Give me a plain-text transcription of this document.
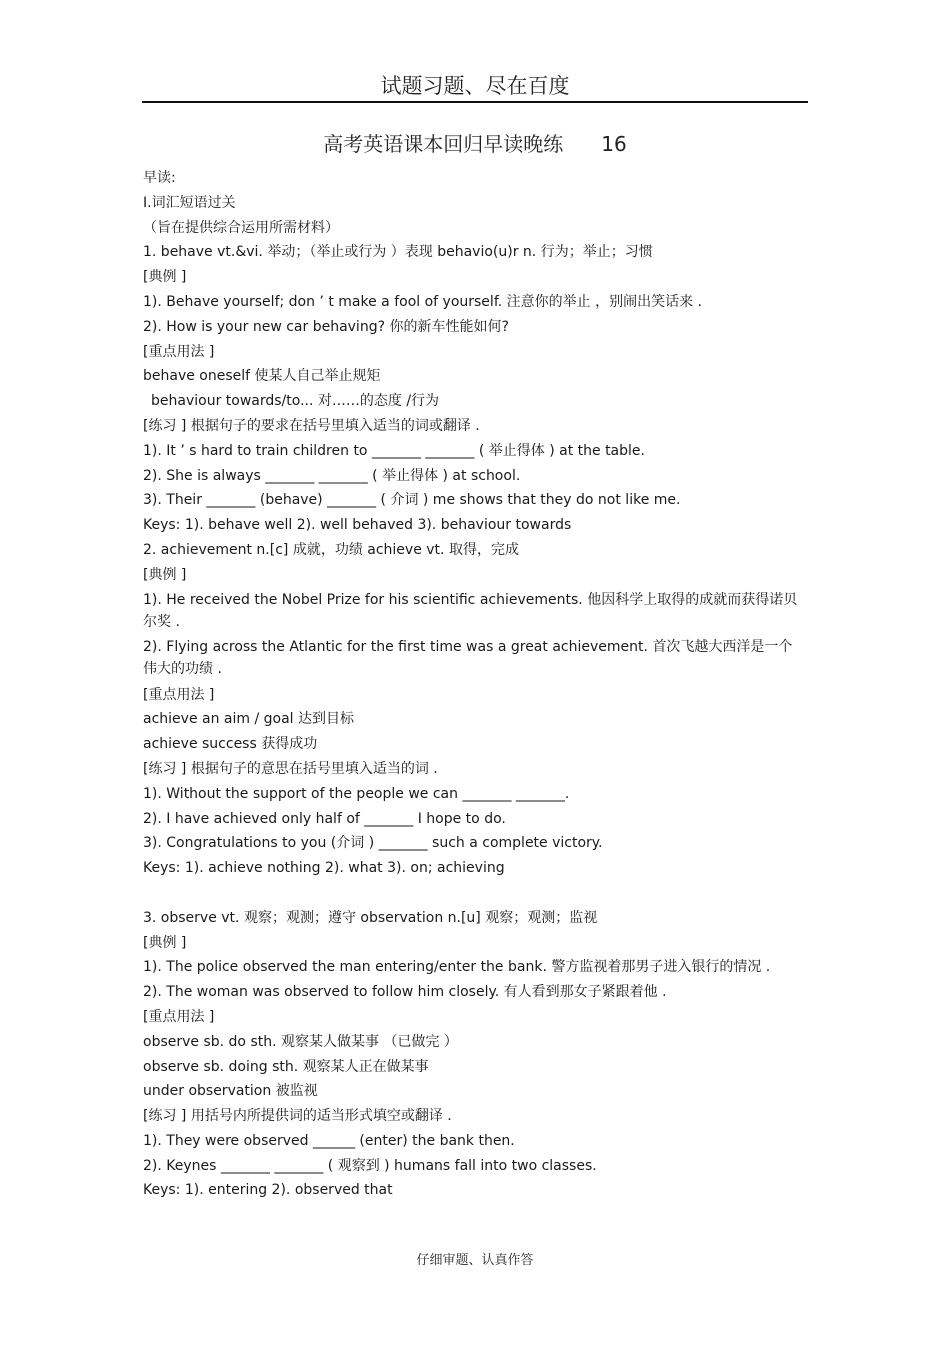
试题习题、尽在百度
高考英语课本回归早读晚练 16
早读:
Ⅰ.词汇短语过关
（旨在提供综合运用所需材料）
1. behave vt.&vi. 举动；（举止或行为 ）表现 behavio(u)r n. 行为；举止；习惯
[典例 ]
1). Behave yourself; don ’ t make a fool of yourself. 注意你的举止 ，别闹出笑话来 .
2). How is your new car behaving? 你的新车性能如何?
[重点用法 ]
behave oneself 使某人自己举止规矩
behaviour towards/to... 对……的态度 /行为
[练习 ] 根据句子的要求在括号里填入适当的词或翻译 .
1). It ’ s hard to train children to _______ _______ ( 举止得体 ) at the table.
2). She is always _______ _______ ( 举止得体 ) at school.
3). Their _______ (behave) _______ ( 介词 ) me shows that they do not like me.
Keys: 1). behave well 2). well behaved 3). behaviour towards
2. achievement n.[c] 成就，功绩 achieve vt. 取得，完成
[典例 ]
1). He received the Nobel Prize for his scientific achievements. 他因科学上取得的成就而获得诺贝尔奖 .
2). Flying across the Atlantic for the first time was a great achievement. 首次飞越大西洋是一个伟大的功绩 .
[重点用法 ]
achieve an aim / goal 达到目标
achieve success 获得成功
[练习 ] 根据句子的意思在括号里填入适当的词 .
1). Without the support of the people we can _______ _______.
2). I have achieved only half of _______ I hope to do.
3). Congratulations to you (介词 ) _______ such a complete victory.
Keys: 1). achieve nothing 2). what 3). on; achieving
3. observe vt. 观察；观测；遵守 observation n.[u] 观察；观测；监视
[典例 ]
1). The police observed the man entering/enter the bank. 警方监视着那男子进入银行的情况 .
2). The woman was observed to follow him closely. 有人看到那女子紧跟着他 .
[重点用法 ]
observe sb. do sth. 观察某人做某事 （已做完 ）
observe sb. doing sth. 观察某人正在做某事
under observation 被监视
[练习 ] 用括号内所提供词的适当形式填空或翻译 .
1). They were observed ______ (enter) the bank then.
2). Keynes _______ _______ ( 观察到 ) humans fall into two classes.
Keys: 1). entering 2). observed that
仔细审题、认真作答
